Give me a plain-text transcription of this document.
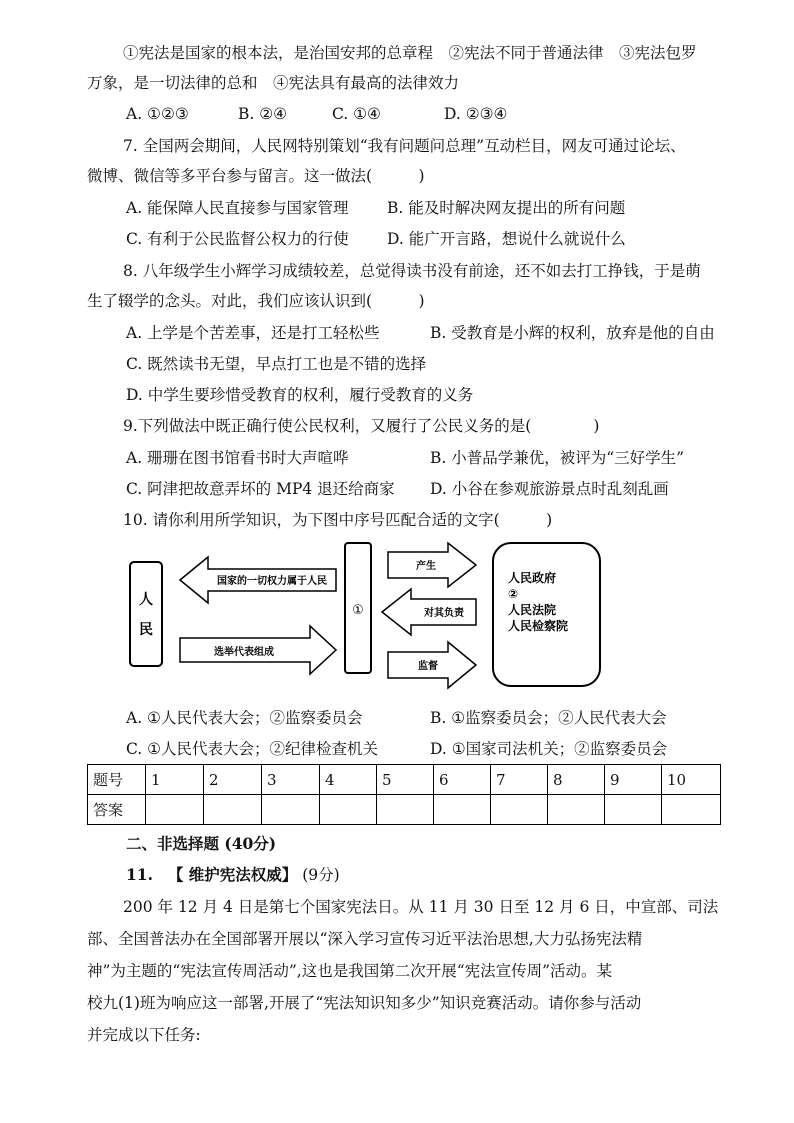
①宪法是国家的根本法，是治国安邦的总章程　②宪法不同于普通法律　③宪法包罗
万象，是一切法律的总和　④宪法具有最高的法律效力
A. ①②③	B. ②④	C. ①④	D. ②③④
7. 全国两会期间，人民网特别策划“我有问题问总理”互动栏目，网友可通过论坛、
微博、微信等多平台参与留言。这一做法(　　　)
A. 能保障人民直接参与国家管理 B. 能及时解决网友提出的所有问题
C. 有利于公民监督公权力的行使 D. 能广开言路，想说什么就说什么
8. 八年级学生小辉学习成绩较差，总觉得读书没有前途，还不如去打工挣钱，于是萌
生了辍学的念头。对此，我们应该认识到(　　　)
A. 上学是个苦差事，还是打工轻松些	B. 受教育是小辉的权利，放弃是他的自由
C. 既然读书无望，早点打工也是不错的选择
D. 中学生要珍惜受教育的权利，履行受教育的义务
9.下列做法中既正确行使公民权利，又履行了公民义务的是(　　　　)
A. 珊珊在图书馆看书时大声喧哗	B. 小普品学兼优，被评为“三好学生”
C. 阿津把故意弄坏的 MP4 退还给商家 D. 小谷在参观旅游景点时乱刻乱画
10. 请你利用所学知识，为下图中序号匹配合适的文字(　　　)
人
民
国家的一切权力属于人民
选举代表组成
①
产生
对其负责
监督
人民政府
②
人民法院
人民检察院
A. ①人民代表大会；②监察委员会	B. ①监察委员会；②人民代表大会
C. ①人民代表大会；②纪律检查机关	D. ①国家司法机关；②监察委员会
题号	1	2	3	4	5	6	7	8	9	10
答案										
二、非选择题 (40分)
11. 【 维护宪法权威】 (9分)
200 年 12 月 4 日是第七个国家宪法日。从 11 月 30 日至 12 月 6 日，中宣部、司法
部、全国普法办在全国部署开展以“深入学习宣传习近平法治思想,大力弘扬宪法精
神”为主题的“宪法宣传周活动”,这也是我国第二次开展“宪法宣传周”活动。某
校九(1)班为响应这一部署,开展了“宪法知识知多少”知识竞赛活动。请你参与活动
并完成以下任务:
